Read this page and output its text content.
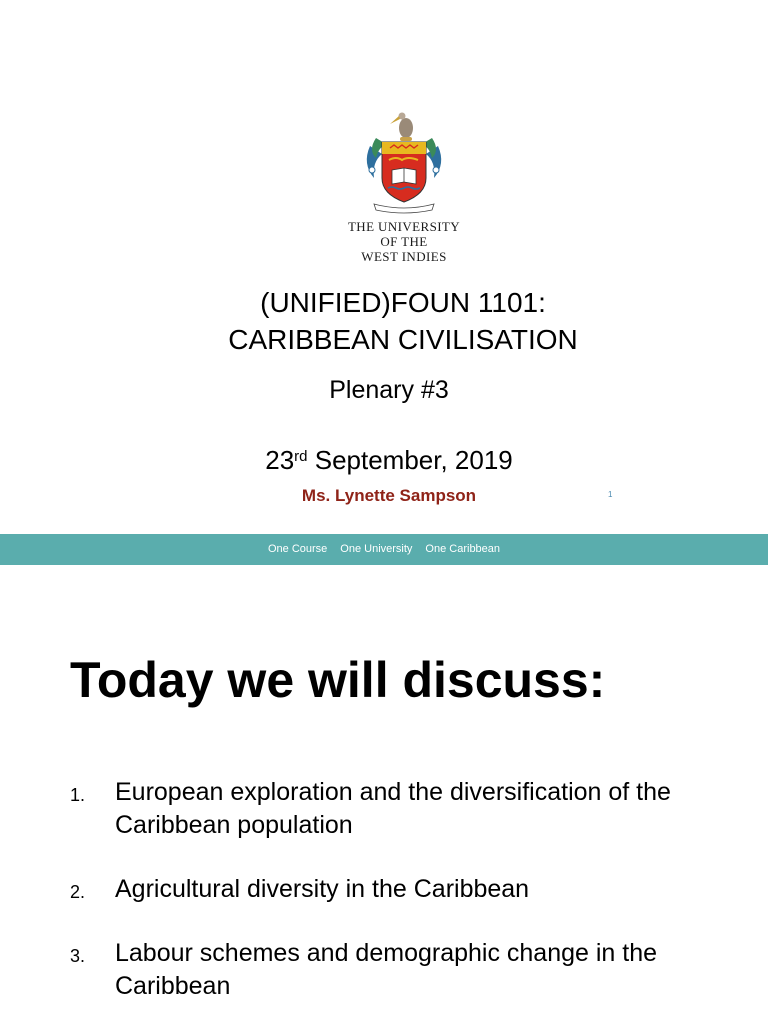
THE UNIVERSITY
OF THE
WEST INDIES
(UNIFIED)FOUN 1101:
CARIBBEAN CIVILISATION
Plenary #3
23rd September, 2019
Ms. Lynette Sampson	1
One Course One University One Caribbean
Today we will discuss:
1. European exploration and the diversification of the Caribbean population
2. Agricultural diversity in the Caribbean
3. Labour schemes and demographic change in the Caribbean
